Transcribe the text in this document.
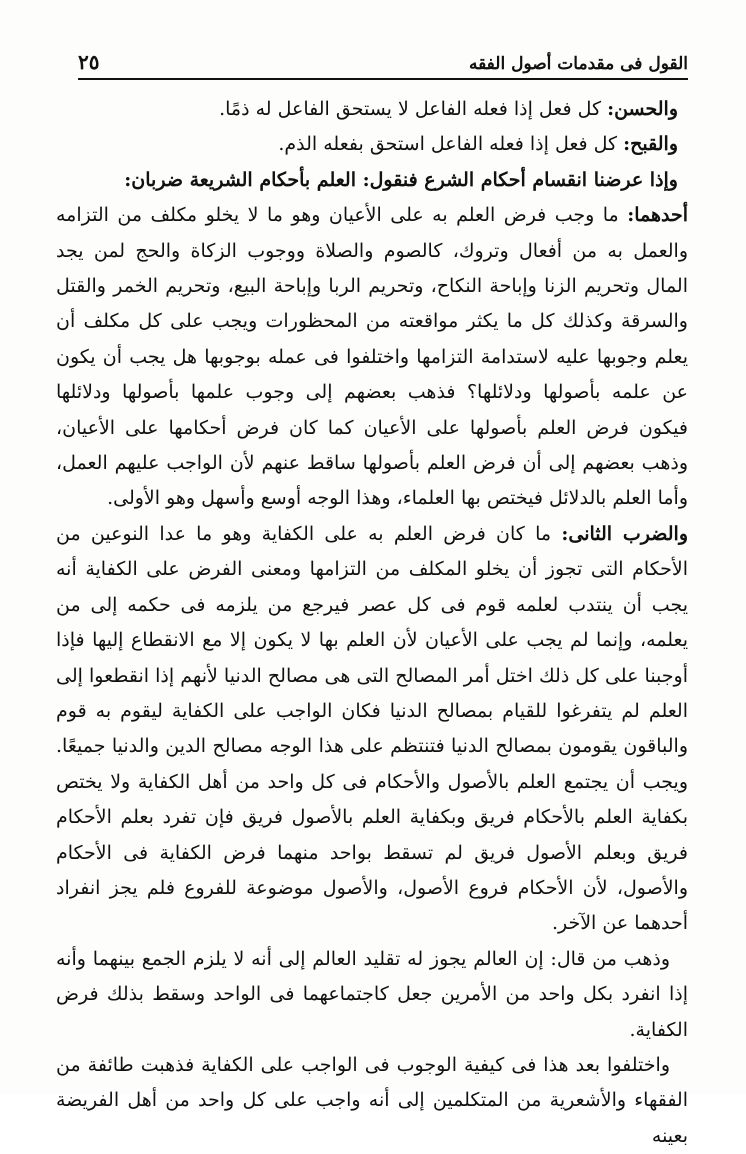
القول فى مقدمات أصول الفقه
٢٥

والحسن: كل فعل إذا فعله الفاعل لا يستحق الفاعل له ذمًا.

والقبح: كل فعل إذا فعله الفاعل استحق بفعله الذم.

وإذا عرضنا انقسام أحكام الشرع فنقول: العلم بأحكام الشريعة ضربان:

أحدهما: ما وجب فرض العلم به على الأعيان وهو ما لا يخلو مكلف من التزامه والعمل به من أفعال وتروك، كالصوم والصلاة ووجوب الزكاة والحج لمن يجد المال وتحريم الزنا وإباحة النكاح، وتحريم الربا وإباحة البيع، وتحريم الخمر والقتل والسرقة وكذلك كل ما يكثر مواقعته من المحظورات ويجب على كل مكلف أن يعلم وجوبها عليه لاستدامة التزامها واختلفوا فى عمله بوجوبها هل يجب أن يكون عن علمه بأصولها ودلائلها؟ فذهب بعضهم إلى وجوب علمها بأصولها ودلائلها فيكون فرض العلم بأصولها على الأعيان كما كان فرض أحكامها على الأعيان، وذهب بعضهم إلى أن فرض العلم بأصولها ساقط عنهم لأن الواجب عليهم العمل، وأما العلم بالدلائل فيختص بها العلماء، وهذا الوجه أوسع وأسهل وهو الأولى.

والضرب الثانى: ما كان فرض العلم به على الكفاية وهو ما عدا النوعين من الأحكام التى تجوز أن يخلو المكلف من التزامها ومعنى الفرض على الكفاية أنه يجب أن ينتدب لعلمه قوم فى كل عصر فيرجع من يلزمه فى حكمه إلى من يعلمه، وإنما لم يجب على الأعيان لأن العلم بها لا يكون إلا مع الانقطاع إليها فإذا أوجبنا على كل ذلك اختل أمر المصالح التى هى مصالح الدنيا لأنهم إذا انقطعوا إلى العلم لم يتفرغوا للقيام بمصالح الدنيا فكان الواجب على الكفاية ليقوم به قوم والباقون يقومون بمصالح الدنيا فتنتظم على هذا الوجه مصالح الدين والدنيا جميعًا. ويجب أن يجتمع العلم بالأصول والأحكام فى كل واحد من أهل الكفاية ولا يختص بكفاية العلم بالأحكام فريق وبكفاية العلم بالأصول فريق فإن تفرد بعلم الأحكام فريق وبعلم الأصول فريق لم تسقط بواحد منهما فرض الكفاية فى الأحكام والأصول، لأن الأحكام فروع الأصول، والأصول موضوعة للفروع فلم يجز انفراد أحدهما عن الآخر.

وذهب من قال: إن العالم يجوز له تقليد العالم إلى أنه لا يلزم الجمع بينهما وأنه إذا انفرد بكل واحد من الأمرين جعل كاجتماعهما فى الواحد وسقط بذلك فرض الكفاية.

واختلفوا بعد هذا فى كيفية الوجوب فى الواجب على الكفاية فذهبت طائفة من الفقهاء والأشعرية من المتكلمين إلى أنه واجب على كل واحد من أهل الفريضة بعينه
